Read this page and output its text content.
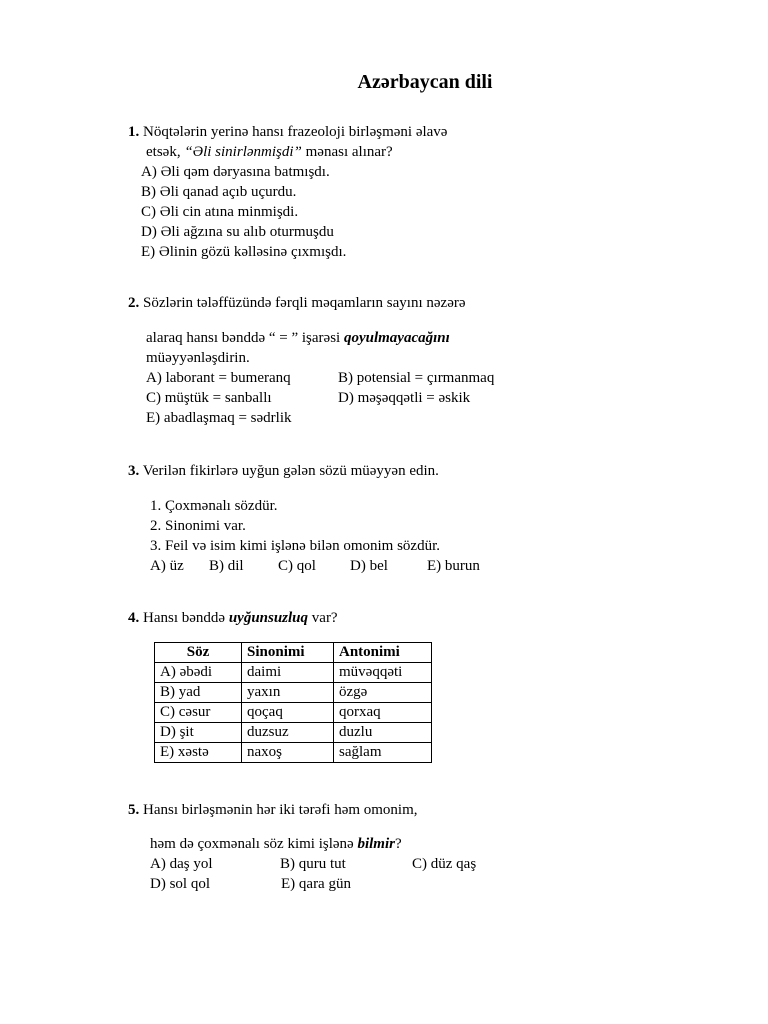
Azərbaycan dili
1. Nöqtələrin yerinə hansı frazeoloji birləşməni əlavə
etsək, “Əli sinirlənmişdi” mənası alınar?
A) Əli qəm dəryasına batmışdı.
B) Əli qanad açıb uçurdu.
C) Əli cin atına minmişdi.
D) Əli ağzına su alıb oturmuşdu
E) Əlinin gözü kəlləsinə çıxmışdı.
2. Sözlərin tələffüzündə fərqli məqamların sayını nəzərə
alaraq hansı bənddə “ = ” işarəsi qoyulmayacağını
müəyyənləşdirin.
A) laborant = bumeranq	B) potensial = çırmanmaq
C) müştük = sanballı	D) məşəqqətli = əskik
E) abadlaşmaq = sədrlik
3. Verilən fikirlərə uyğun gələn sözü müəyyən edin.
1. Çoxmənalı sözdür.
2. Sinonimi var.
3. Feil və isim kimi işlənə bilən omonim sözdür.
A) üz B) dil C) qol D) bel	E) burun
4. Hansı bənddə uyğunsuzluq var?
Söz	Sinonimi	Antonimi
A) əbədi	daimi	müvəqqəti
B) yad	yaxın	özgə
C) cəsur	qoçaq	qorxaq
D) şit	duzsuz	duzlu
E) xəstə	naxoş	sağlam
5. Hansı birləşmənin hər iki tərəfi həm omonim,
həm də çoxmənalı söz kimi işlənə bilmir?
A) daş yol	B) quru tut	C) düz qaş
D) sol qol	E) qara gün
